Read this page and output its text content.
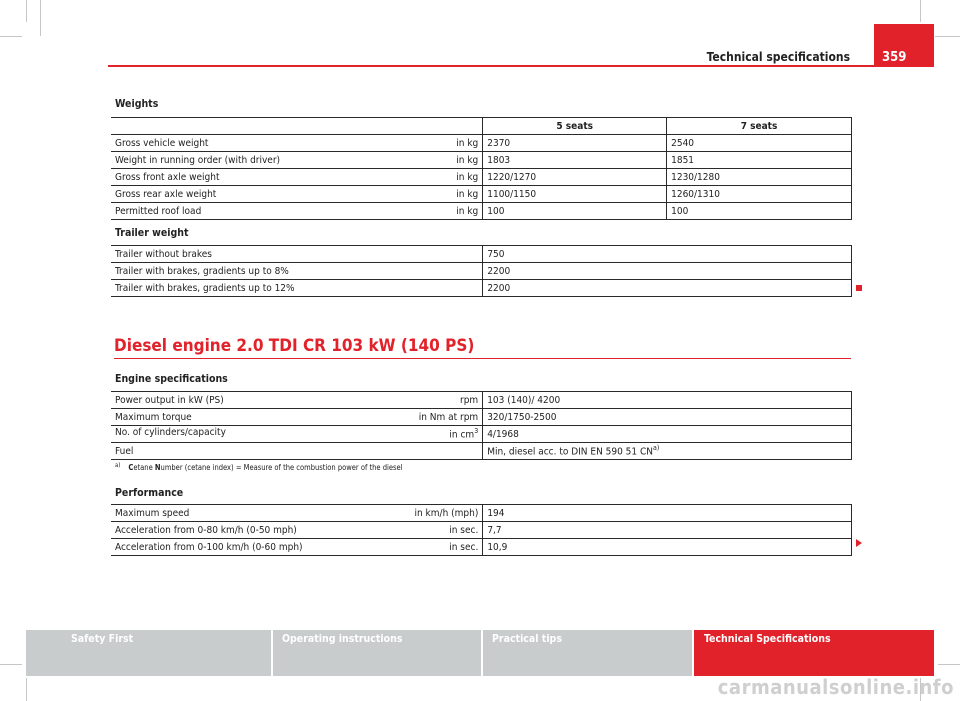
Technical specifications	359
Weights
	5 seats	7 seats
Gross vehicle weight in kg	2370	2540
Weight in running order (with driver) in kg	1803	1851
Gross front axle weight in kg	1220/1270	1230/1280
Gross rear axle weight in kg	1100/1150	1260/1310
Permitted roof load in kg	100	100
Trailer weight
Trailer without brakes	750
Trailer with brakes, gradients up to 8%	2200
Trailer with brakes, gradients up to 12%	2200
Diesel engine 2.0 TDI CR 103 kW (140 PS)
Engine specifications
Power output in kW (PS) rpm	103 (140)/ 4200
Maximum torque in Nm at rpm	320/1750-2500
No. of cylinders/capacity in $cm^3$	4/1968
Fuel	Min, diesel acc. to DIN EN 590 51 CN$^{a)}$
$^{a)}$ Cetane Number (cetane index) = Measure of the combustion power of the diesel
Performance
Maximum speed in km/h (mph)	194
Acceleration from 0-80 km/h (0-50 mph) in sec.	7,7
Acceleration from 0-100 km/h (0-60 mph) in sec.	10,9
Safety First	Operating instructions	Practical tips	Technical Specifications
carmanualsonline.info
